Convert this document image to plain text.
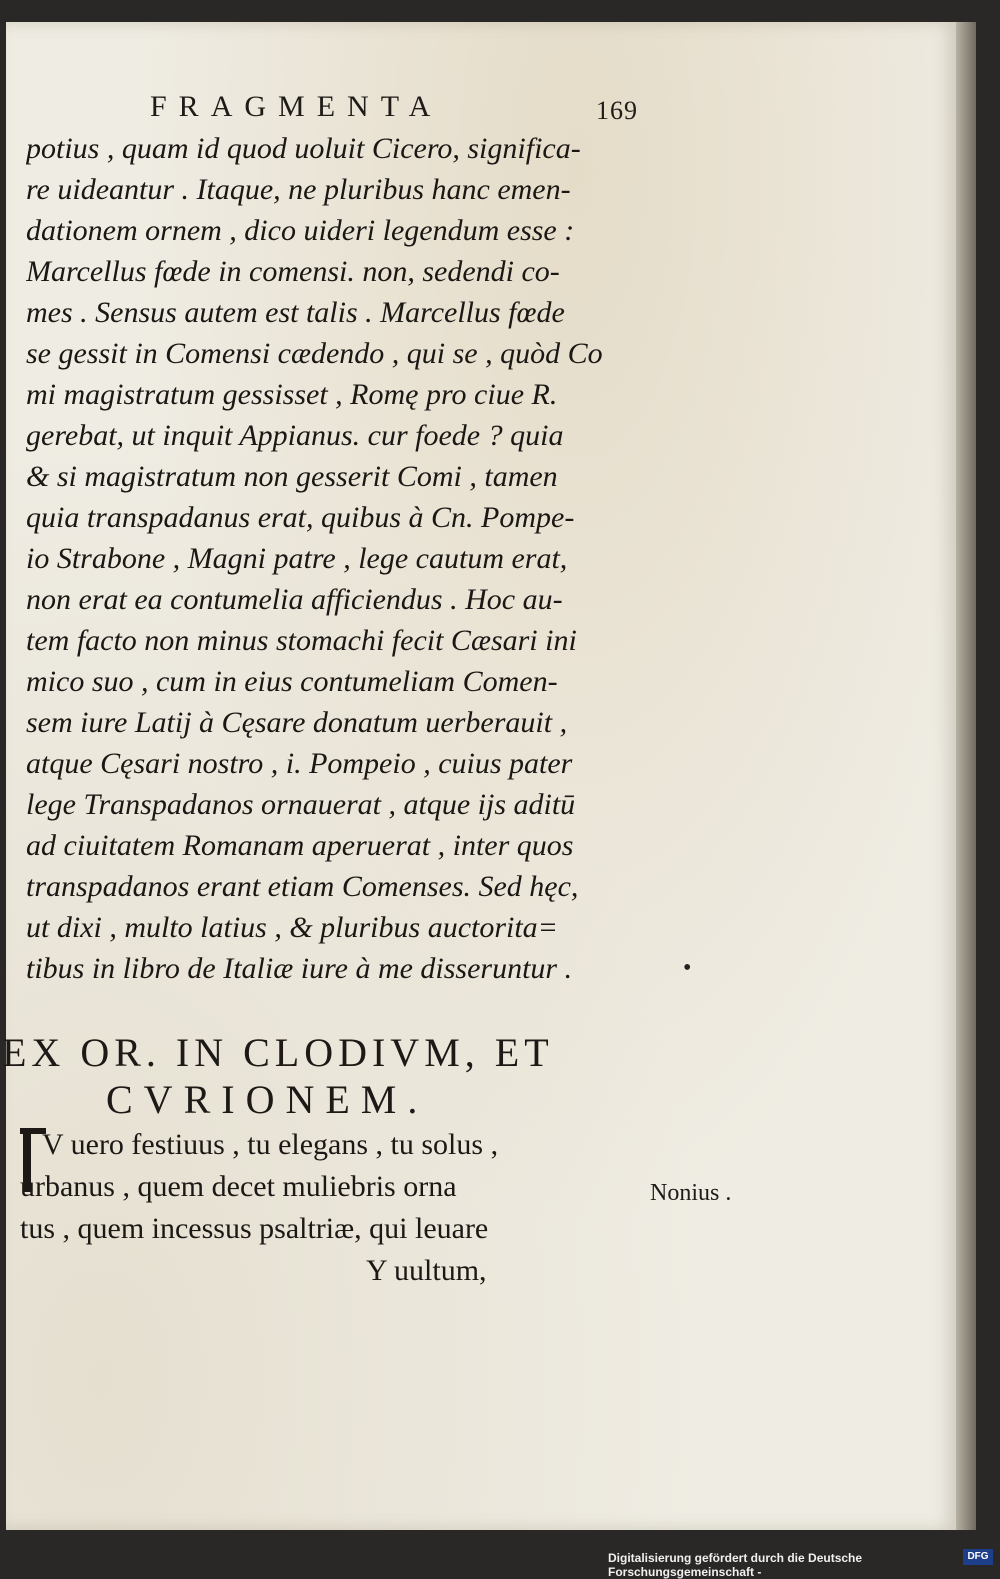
FRAGMENTA	169
potius , quam id quod uoluit Cicero, significa-
re uideantur . Itaque, ne pluribus hanc emen-
dationem ornem , dico uideri legendum esse :
Marcellus fœde in comensi. non, sedendi co-
mes . Sensus autem est talis . Marcellus fœde
se gessit in Comensi cædendo , qui se , quòd Co
mi magistratum gessisset , Romę pro ciue R.
gerebat, ut inquit Appianus. cur foede ? quia
& si magistratum non gesserit Comi , tamen
quia transpadanus erat, quibus à Cn. Pompe-
io Strabone , Magni patre , lege cautum erat,
non erat ea contumelia afficiendus . Hoc au-
tem facto non minus stomachi fecit Cæsari ini
mico suo , cum in eius contumeliam Comen-
sem iure Latij à Cęsare donatum uerberauit ,
atque Cęsari nostro , i. Pompeio , cuius pater
lege Transpadanos ornauerat , atque ijs aditū
ad ciuitatem Romanam aperuerat , inter quos
transpadanos erant etiam Comenses. Sed hęc,
ut dixi , multo latius , & pluribus auctorita=
tibus in libro de Italiæ iure à me disseruntur .	•
EX OR. IN CLODIVM, ET
CVRIONEM.
V uero festiuus , tu elegans , tu solus ,
urbanus , quem decet muliebris orna
tus , quem incessus psaltriæ, qui leuare
Y uultum,
Nonius .
Digitalisierung gefördert durch die Deutsche Forschungsgemeinschaft -
DFG
